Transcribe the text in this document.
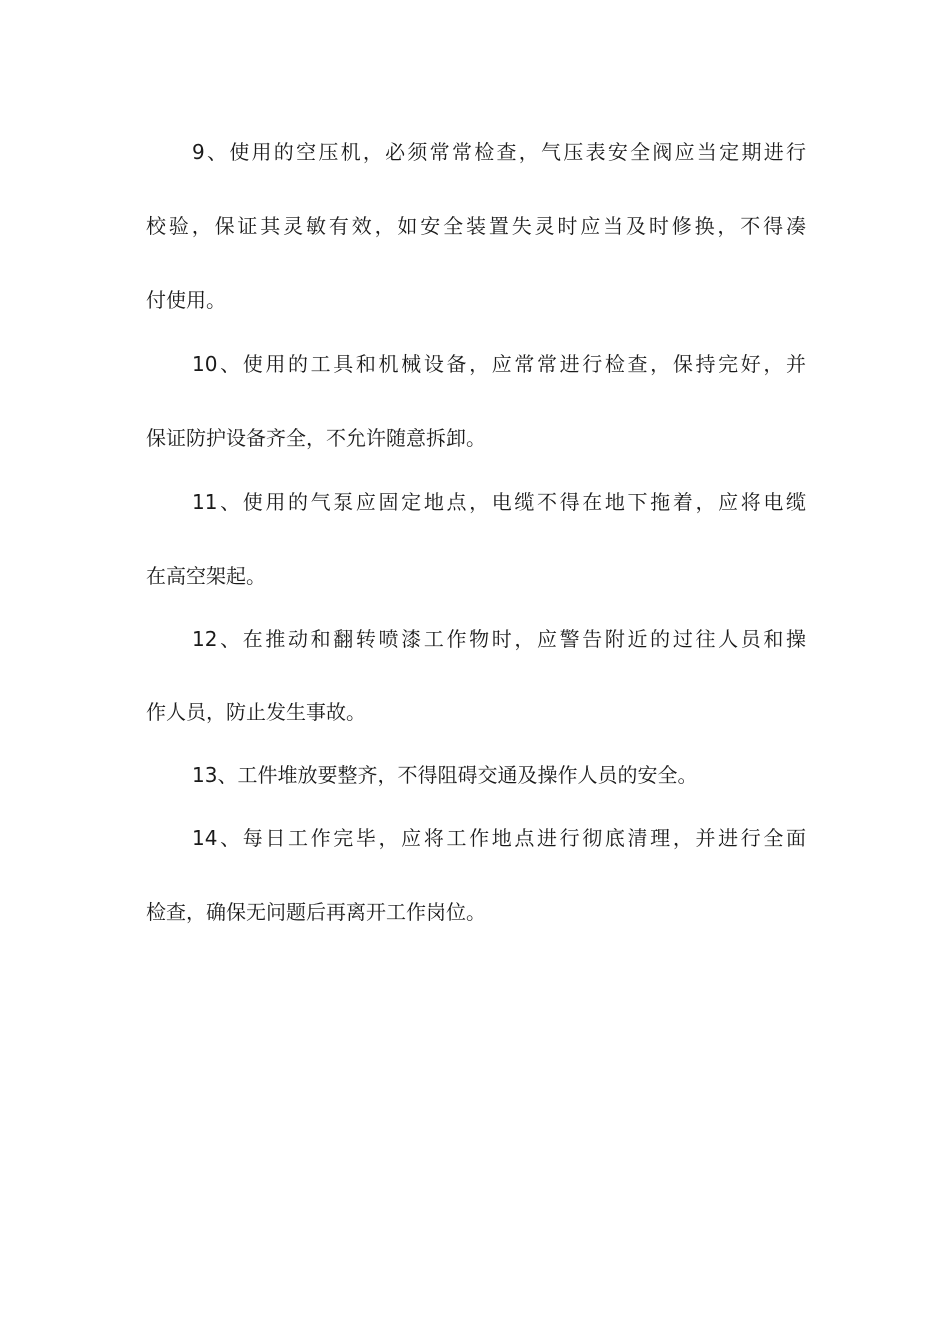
9、使用的空压机，必须常常检查，气压表安全阀应当定期进行
校验，保证其灵敏有效，如安全装置失灵时应当及时修换，不得凑
付使用。
10、使用的工具和机械设备，应常常进行检查，保持完好，并
保证防护设备齐全，不允许随意拆卸。
11、使用的气泵应固定地点，电缆不得在地下拖着，应将电缆
在高空架起。
12、在推动和翻转喷漆工作物时，应警告附近的过往人员和操
作人员，防止发生事故。
13、工件堆放要整齐，不得阻碍交通及操作人员的安全。
14、每日工作完毕，应将工作地点进行彻底清理，并进行全面
检查，确保无问题后再离开工作岗位。
